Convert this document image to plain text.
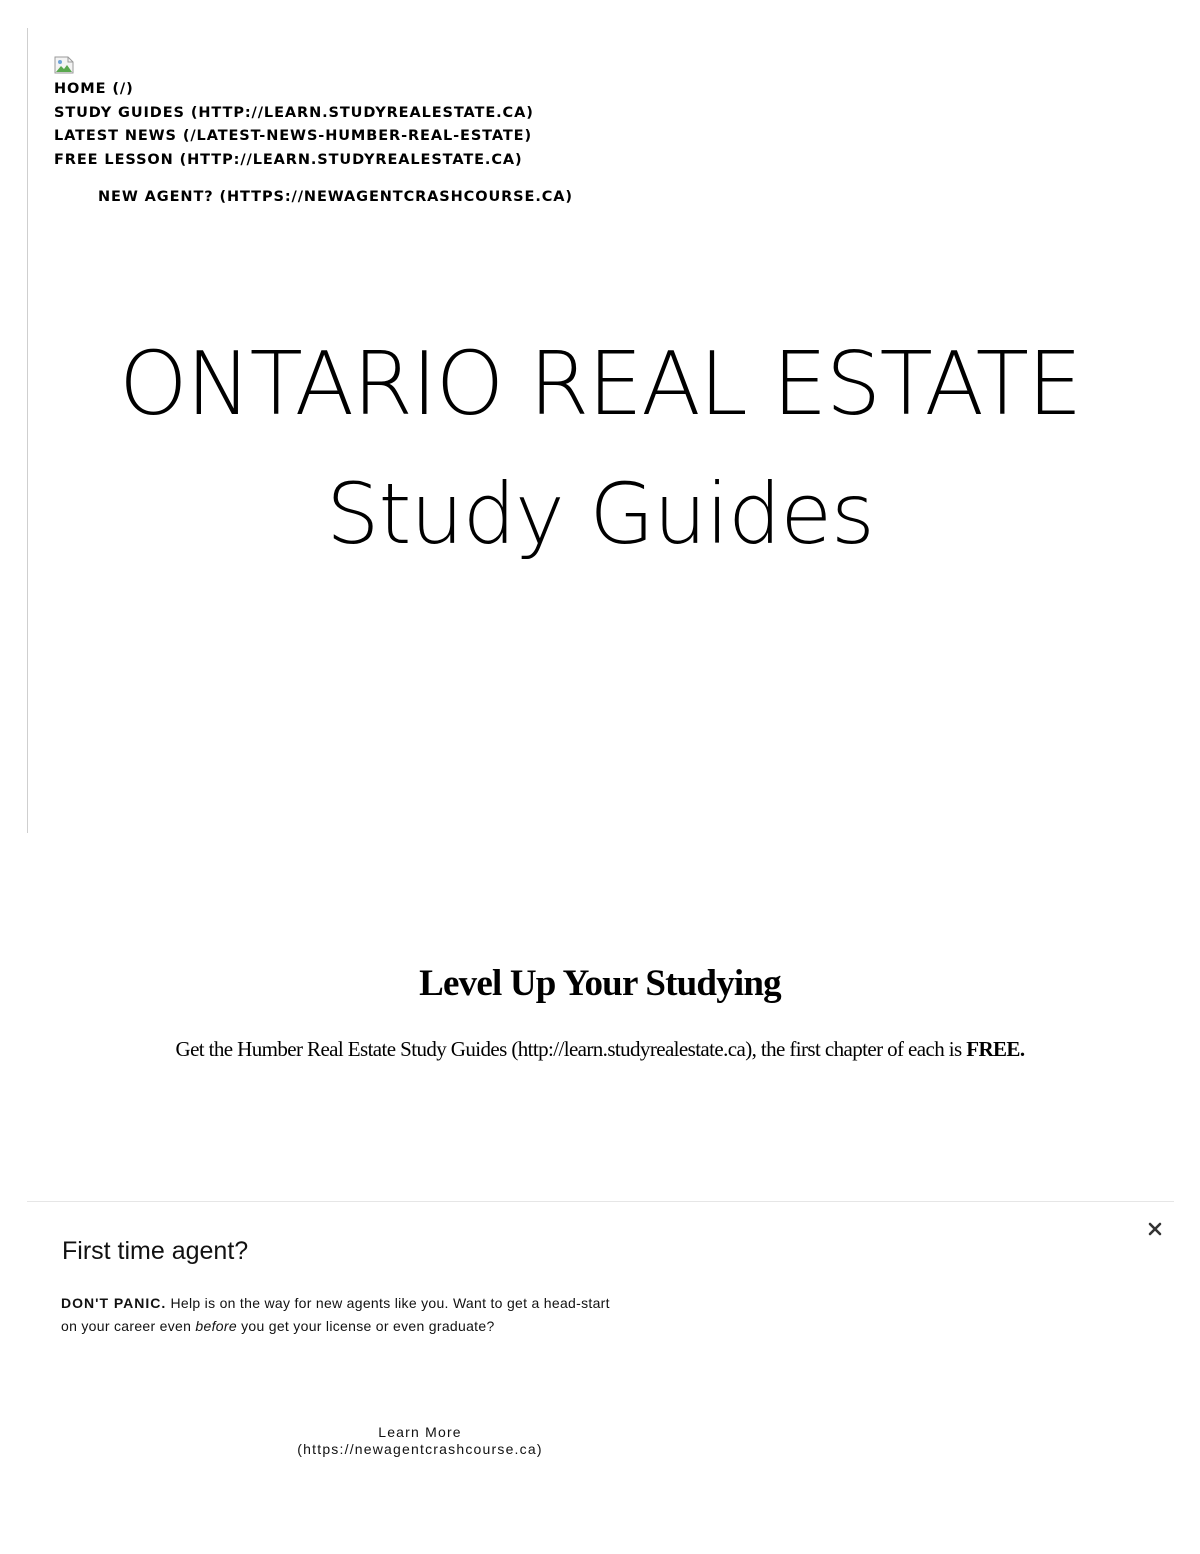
HOME (/)
STUDY GUIDES (HTTP://LEARN.STUDYREALESTATE.CA)
LATEST NEWS (/LATEST-NEWS-HUMBER-REAL-ESTATE)
FREE LESSON (HTTP://LEARN.STUDYREALESTATE.CA)
NEW AGENT? (HTTPS://NEWAGENTCRASHCOURSE.CA)
ONTARIO REAL ESTATE
Study Guides
Level Up Your Studying

Get the Humber Real Estate Study Guides (http://learn.studyrealestate.ca), the first chapter of each is FREE.

First time agent?

DON'T PANIC. Help is on the way for new agents like you. Want to get a head-start on your career even before you get your license or even graduate?

Learn More
(https://newagentcrashcourse.ca)
